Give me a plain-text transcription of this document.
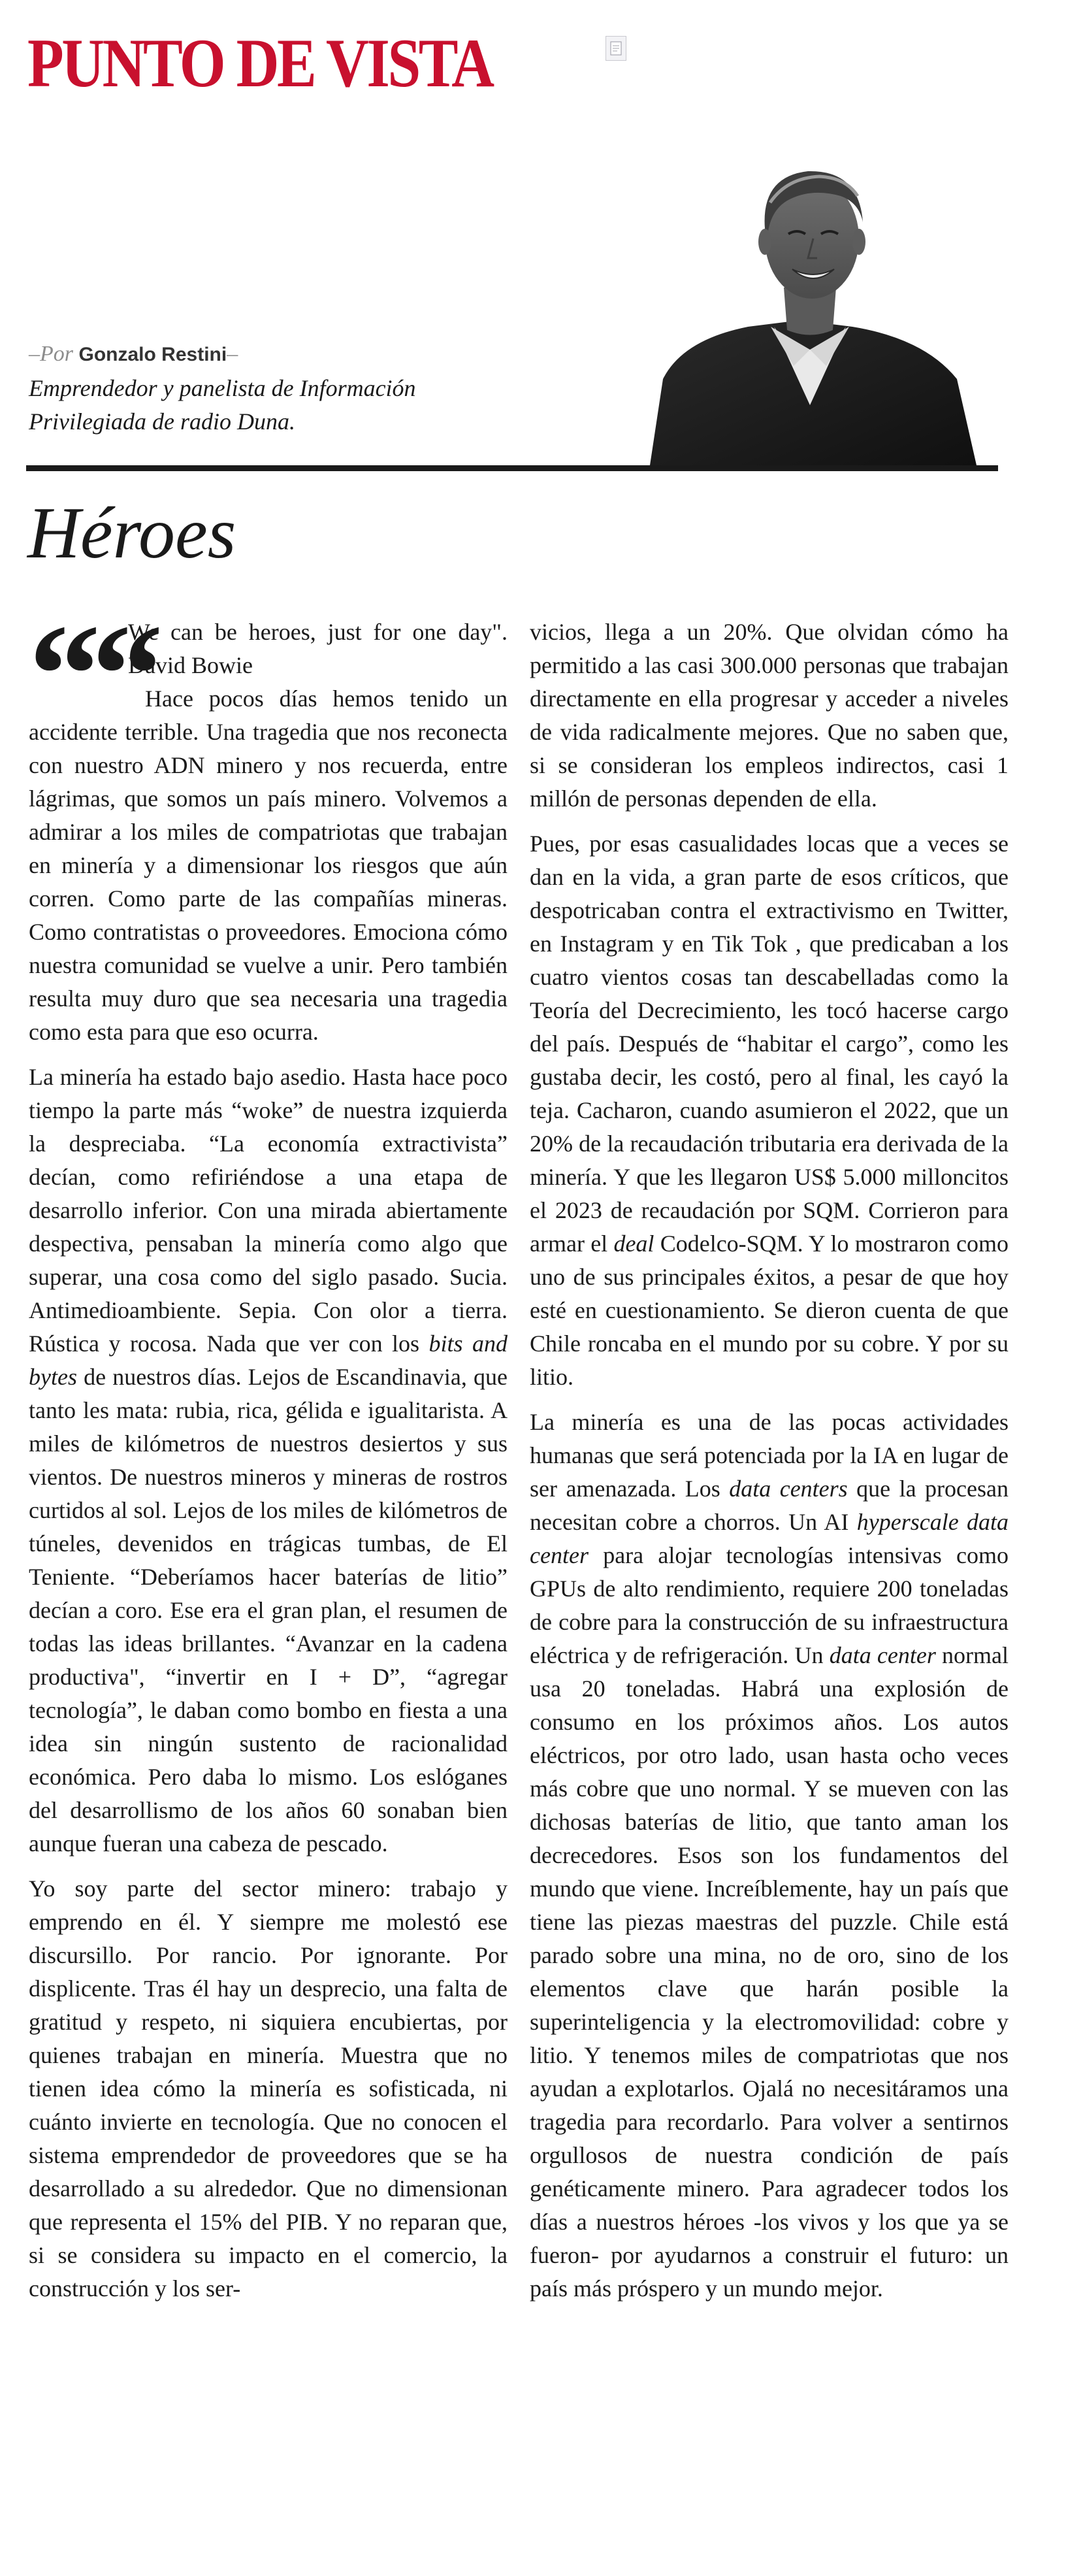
PUNTO DE VISTA

–Por Gonzalo Restini–

Emprendedor y panelista de Información

Privilegiada de radio Duna.

Héroes

““
We can be heroes, just for one day". David Bowie
Hace pocos días hemos tenido un accidente terrible. Una tragedia que nos reconecta con nuestro ADN minero y nos recuerda, entre lágrimas, que somos un país minero. Volvemos a admirar a los miles de compatriotas que trabajan en minería y a dimensionar los riesgos que aún corren. Como parte de las compañías mineras. Como contratistas o proveedores. Emociona cómo nuestra comunidad se vuelve a unir. Pero también resulta muy duro que sea necesaria una tragedia como esta para que eso ocurra.

La minería ha estado bajo asedio. Hasta hace poco tiempo la parte más “woke” de nuestra izquierda la despreciaba. “La economía extractivista” decían, como refiriéndose a una etapa de desarrollo inferior. Con una mirada abiertamente despectiva, pensaban la minería como algo que superar, una cosa como del siglo pasado. Sucia. Antimedioambiente. Sepia. Con olor a tierra. Rústica y rocosa. Nada que ver con los bits and bytes de nuestros días. Lejos de Escandinavia, que tanto les mata: rubia, rica, gélida e igualitarista. A miles de kilómetros de nuestros desiertos y sus vientos. De nuestros mineros y mineras de rostros curtidos al sol. Lejos de los miles de kilómetros de túneles, devenidos en trágicas tumbas, de El Teniente. “Deberíamos hacer baterías de litio” decían a coro. Ese era el gran plan, el resumen de todas las ideas brillantes. “Avanzar en la cadena productiva", “invertir en I + D”, “agregar tecnología”, le daban como bombo en fiesta a una idea sin ningún sustento de racionalidad económica. Pero daba lo mismo. Los eslóganes del desarrollismo de los años 60 sonaban bien aunque fueran una cabeza de pescado.

Yo soy parte del sector minero: trabajo y emprendo en él. Y siempre me molestó ese discursillo. Por rancio. Por ignorante. Por displicente. Tras él hay un desprecio, una falta de gratitud y respeto, ni siquiera encubiertas, por quienes trabajan en minería. Muestra que no tienen idea cómo la minería es sofisticada, ni cuánto invierte en tecnología. Que no conocen el sistema emprendedor de proveedores que se ha desarrollado a su alrededor. Que no dimensionan que representa el 15% del PIB. Y no reparan que, si se considera su impacto en el comercio, la construcción y los ser-

vicios, llega a un 20%. Que olvidan cómo ha permitido a las casi 300.000 personas que trabajan directamente en ella progresar y acceder a niveles de vida radicalmente mejores. Que no saben que, si se consideran los empleos indirectos, casi 1 millón de personas dependen de ella.

Pues, por esas casualidades locas que a veces se dan en la vida, a gran parte de esos críticos, que despotricaban contra el extractivismo en Twitter, en Instagram y en Tik Tok , que predicaban a los cuatro vientos cosas tan descabelladas como la Teoría del Decrecimiento, les tocó hacerse cargo del país. Después de “habitar el cargo”, como les gustaba decir, les costó, pero al final, les cayó la teja. Cacharon, cuando asumieron el 2022, que un 20% de la recaudación tributaria era derivada de la minería. Y que les llegaron US$ 5.000 milloncitos el 2023 de recaudación por SQM. Corrieron para armar el deal Codelco-SQM. Y lo mostraron como uno de sus principales éxitos, a pesar de que hoy esté en cuestionamiento. Se dieron cuenta de que Chile roncaba en el mundo por su cobre. Y por su litio.

La minería es una de las pocas actividades humanas que será potenciada por la IA en lugar de ser amenazada. Los data centers que la procesan necesitan cobre a chorros. Un AI hyperscale data center para alojar tecnologías intensivas como GPUs de alto rendimiento, requiere 200 toneladas de cobre para la construcción de su infraestructura eléctrica y de refrigeración. Un data center normal usa 20 toneladas. Habrá una explosión de consumo en los próximos años. Los autos eléctricos, por otro lado, usan hasta ocho veces más cobre que uno normal. Y se mueven con las dichosas baterías de litio, que tanto aman los decrecedores. Esos son los fundamentos del mundo que viene. Increíblemente, hay un país que tiene las piezas maestras del puzzle. Chile está parado sobre una mina, no de oro, sino de los elementos clave que harán posible la superinteligencia y la electromovilidad: cobre y litio. Y tenemos miles de compatriotas que nos ayudan a explotarlos. Ojalá no necesitáramos una tragedia para recordarlo. Para volver a sentirnos orgullosos de nuestra condición de país genéticamente minero. Para agradecer todos los días a nuestros héroes -los vivos y los que ya se fueron- por ayudarnos a construir el futuro: un país más próspero y un mundo mejor.
